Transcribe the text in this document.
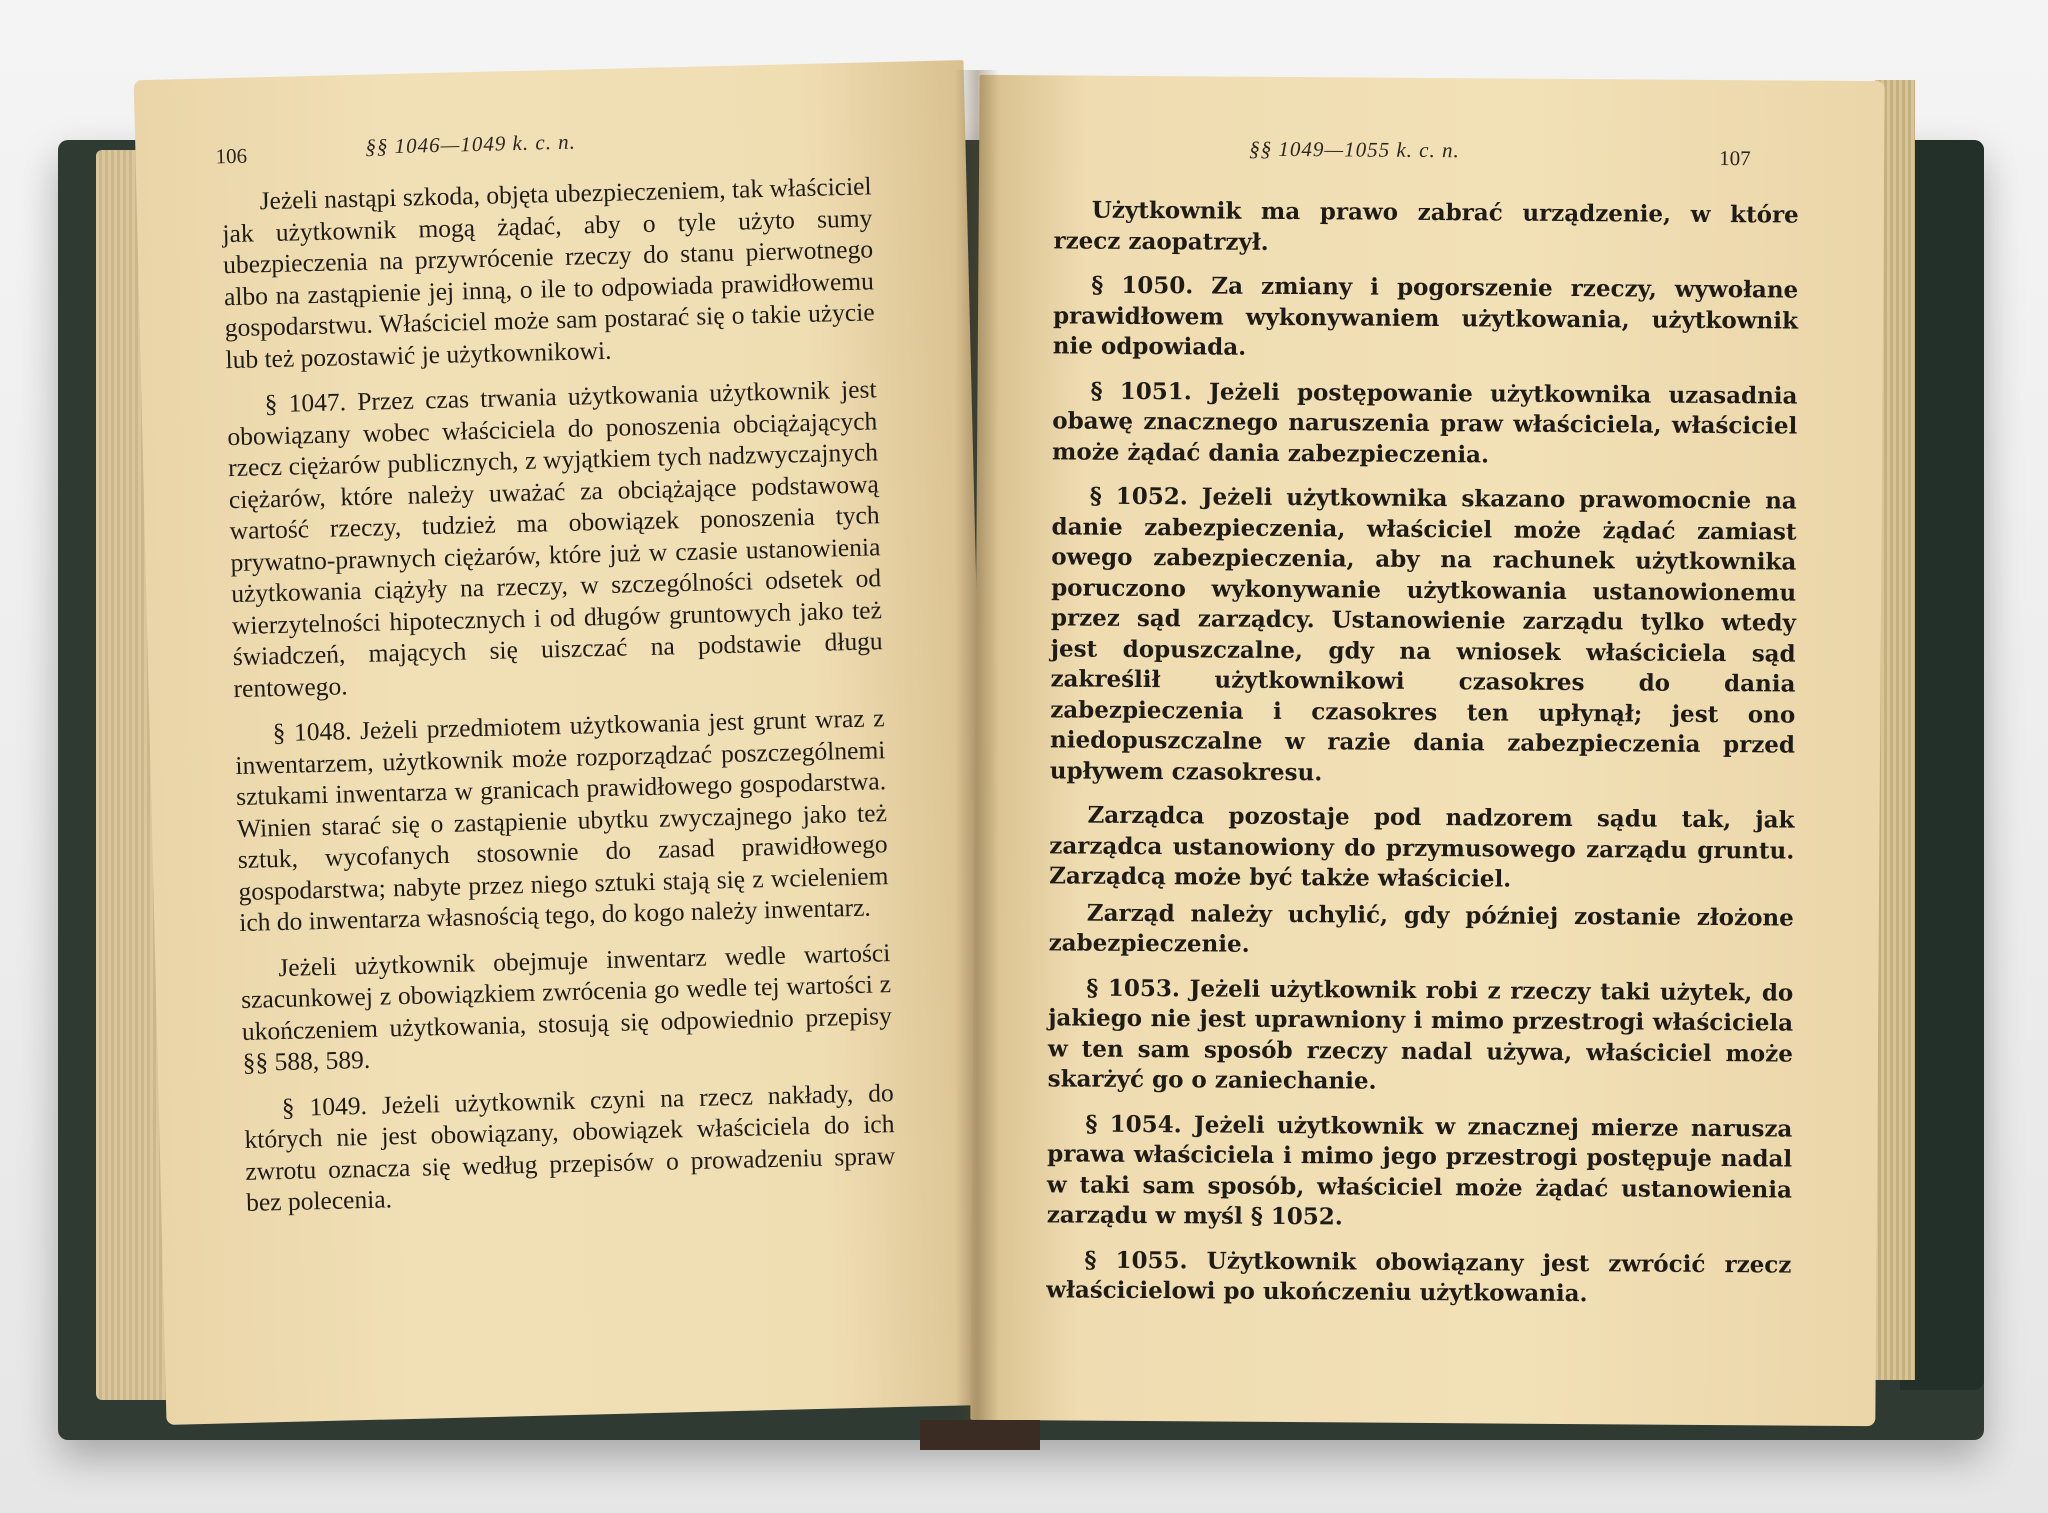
106	§§ 1046—1049 k. c. n.

Jeżeli nastąpi szkoda, objęta ubezpieczeniem, tak właściciel jak użytkownik mogą żądać, aby o tyle użyto sumy ubezpieczenia na przywrócenie rzeczy do stanu pierwotnego albo na zastąpienie jej inną, o ile to odpowiada prawidłowemu gospodarstwu. Właściciel może sam postarać się o takie użycie lub też pozostawić je użytkownikowi.

§ 1047. Przez czas trwania użytkowania użytkownik jest obowiązany wobec właściciela do ponoszenia obciążających rzecz ciężarów publicznych, z wyjątkiem tych nadzwyczajnych ciężarów, które należy uważać za obciążające podstawową wartość rzeczy, tudzież ma obowiązek ponoszenia tych prywatno-prawnych ciężarów, które już w czasie ustanowienia użytkowania ciążyły na rzeczy, w szczególności odsetek od wierzytelności hipotecznych i od długów gruntowych jako też świadczeń, mających się uiszczać na podstawie długu rentowego.

§ 1048. Jeżeli przedmiotem użytkowania jest grunt wraz z inwentarzem, użytkownik może rozporządzać poszczególnemi sztukami inwentarza w granicach prawidłowego gospodarstwa. Winien starać się o zastąpienie ubytku zwyczajnego jako też sztuk, wycofanych stosownie do zasad prawidłowego gospodarstwa; nabyte przez niego sztuki stają się z wcieleniem ich do inwentarza własnością tego, do kogo należy inwentarz.

Jeżeli użytkownik obejmuje inwentarz wedle wartości szacunkowej z obowiązkiem zwrócenia go wedle tej wartości z ukończeniem użytkowania, stosują się odpowiednio przepisy §§ 588, 589.

§ 1049. Jeżeli użytkownik czyni na rzecz nakłady, do których nie jest obowiązany, obowiązek właściciela do ich zwrotu oznacza się według przepisów o prowadzeniu spraw bez polecenia.

§§ 1049—1055 k. c. n.	107

Użytkownik ma prawo zabrać urządzenie, w które rzecz zaopatrzył.

§ 1050. Za zmiany i pogorszenie rzeczy, wywołane prawidłowem wykonywaniem użytkowania, użytkownik nie odpowiada.

§ 1051. Jeżeli postępowanie użytkownika uzasadnia obawę znacznego naruszenia praw właściciela, właściciel może żądać dania zabezpieczenia.

§ 1052. Jeżeli użytkownika skazano prawomocnie na danie zabezpieczenia, właściciel może żądać zamiast owego zabezpieczenia, aby na rachunek użytkownika poruczono wykonywanie użytkowania ustanowionemu przez sąd zarządcy. Ustanowienie zarządu tylko wtedy jest dopuszczalne, gdy na wniosek właściciela sąd zakreślił użytkownikowi czasokres do dania zabezpieczenia i czasokres ten upłynął; jest ono niedopuszczalne w razie dania zabezpieczenia przed upływem czasokresu.

Zarządca pozostaje pod nadzorem sądu tak, jak zarządca ustanowiony do przymusowego zarządu gruntu. Zarządcą może być także właściciel.

Zarząd należy uchylić, gdy później zostanie złożone zabezpieczenie.

§ 1053. Jeżeli użytkownik robi z rzeczy taki użytek, do jakiego nie jest uprawniony i mimo przestrogi właściciela w ten sam sposób rzeczy nadal używa, właściciel może skarżyć go o zaniechanie.

§ 1054. Jeżeli użytkownik w znacznej mierze narusza prawa właściciela i mimo jego przestrogi postępuje nadal w taki sam sposób, właściciel może żądać ustanowienia zarządu w myśl § 1052.

§ 1055. Użytkownik obowiązany jest zwrócić rzecz właścicielowi po ukończeniu użytkowania.
